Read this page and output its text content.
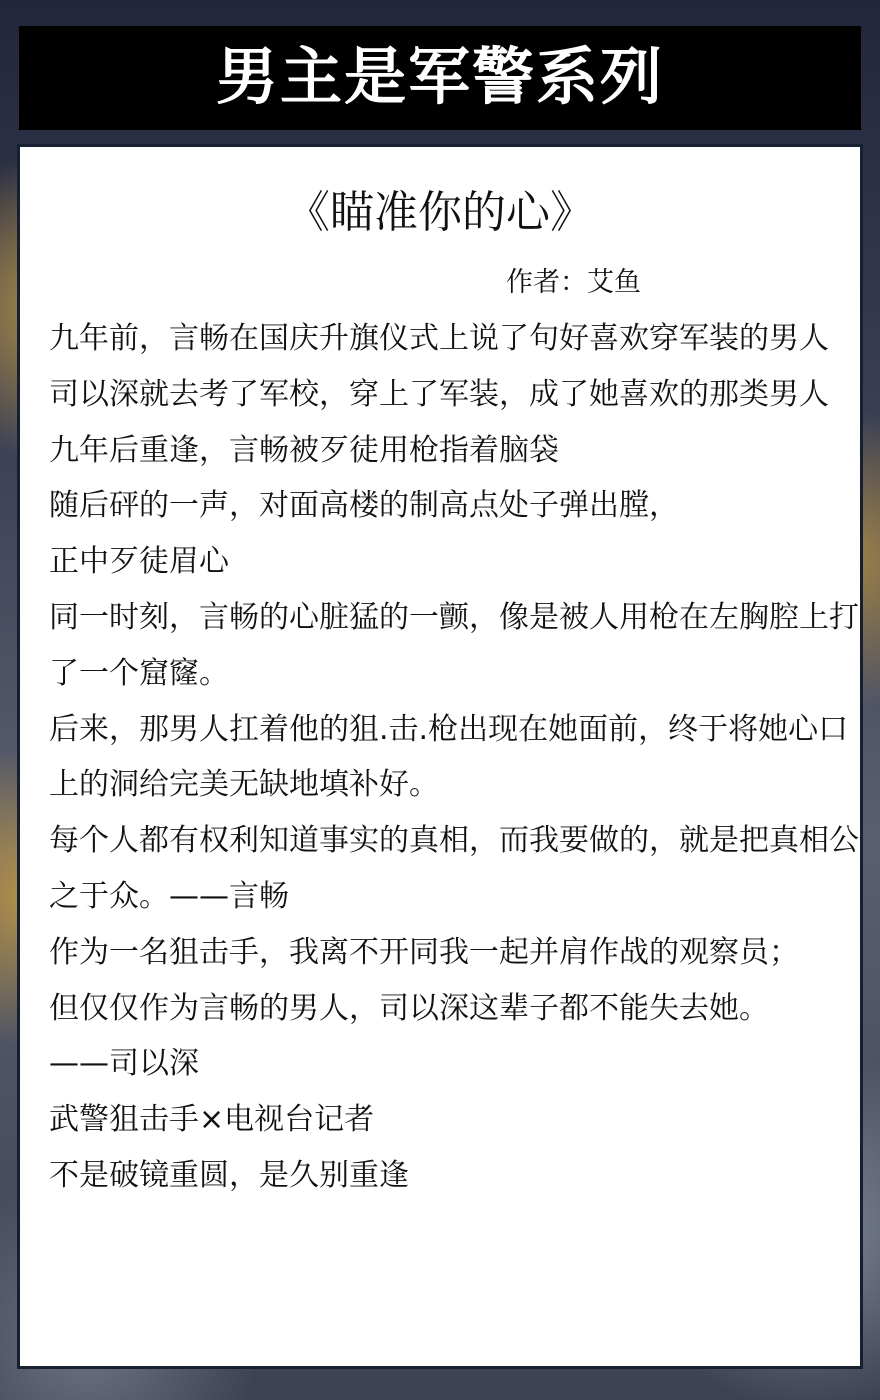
男主是军警系列
《瞄准你的心》
作者：艾鱼

九年前，言畅在国庆升旗仪式上说了句好喜欢穿军装的男人

司以深就去考了军校，穿上了军装，成了她喜欢的那类男人

九年后重逢，言畅被歹徒用枪指着脑袋

随后砰的一声，对面高楼的制高点处子弹出膛，

正中歹徒眉心

同一时刻，言畅的心脏猛的一颤，像是被人用枪在左胸腔上打了一个窟窿。

后来，那男人扛着他的狙.击.枪出现在她面前，终于将她心口上的洞给完美无缺地填补好。

每个人都有权利知道事实的真相，而我要做的，就是把真相公之于众。——言畅

作为一名狙击手，我离不开同我一起并肩作战的观察员；

但仅仅作为言畅的男人，司以深这辈子都不能失去她。

——司以深

武警狙击手×电视台记者

不是破镜重圆，是久别重逢
